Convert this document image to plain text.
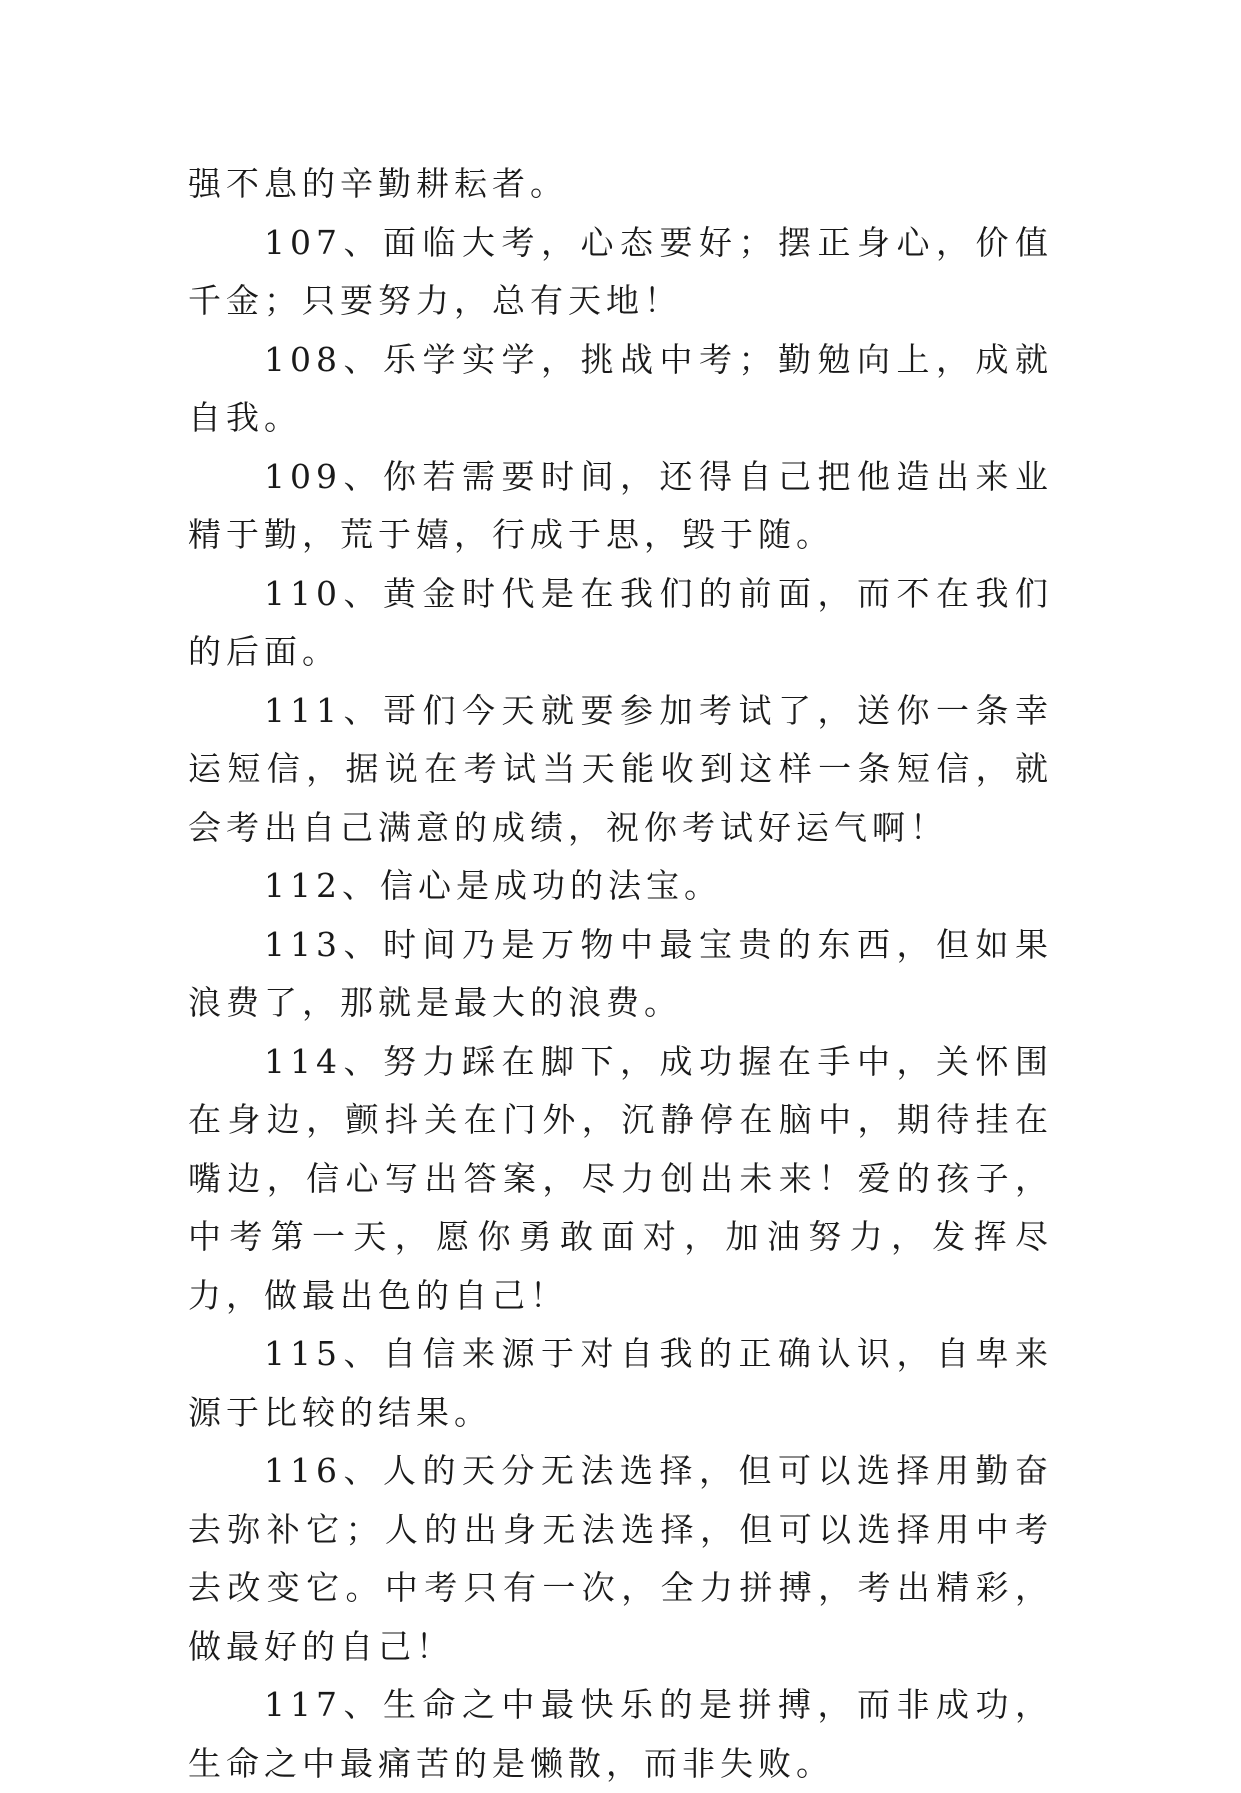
强不息的辛勤耕耘者。

107、面临大考，心态要好；摆正身心，价值千金；只要努力，总有天地！

108、乐学实学，挑战中考；勤勉向上，成就自我。

109、你若需要时间，还得自己把他造出来业精于勤，荒于嬉，行成于思，毁于随。

110、黄金时代是在我们的前面，而不在我们的后面。

111、哥们今天就要参加考试了，送你一条幸运短信，据说在考试当天能收到这样一条短信，就会考出自己满意的成绩，祝你考试好运气啊！

112、信心是成功的法宝。

113、时间乃是万物中最宝贵的东西，但如果浪费了，那就是最大的浪费。

114、努力踩在脚下，成功握在手中，关怀围在身边，颤抖关在门外，沉静停在脑中，期待挂在嘴边，信心写出答案，尽力创出未来！爱的孩子，中考第一天，愿你勇敢面对，加油努力，发挥尽力，做最出色的自己！

115、自信来源于对自我的正确认识，自卑来源于比较的结果。

116、人的天分无法选择，但可以选择用勤奋去弥补它；人的出身无法选择，但可以选择用中考去改变它。中考只有一次，全力拼搏，考出精彩，做最好的自己！

117、生命之中最快乐的是拼搏，而非成功，生命之中最痛苦的是懒散，而非失败。
